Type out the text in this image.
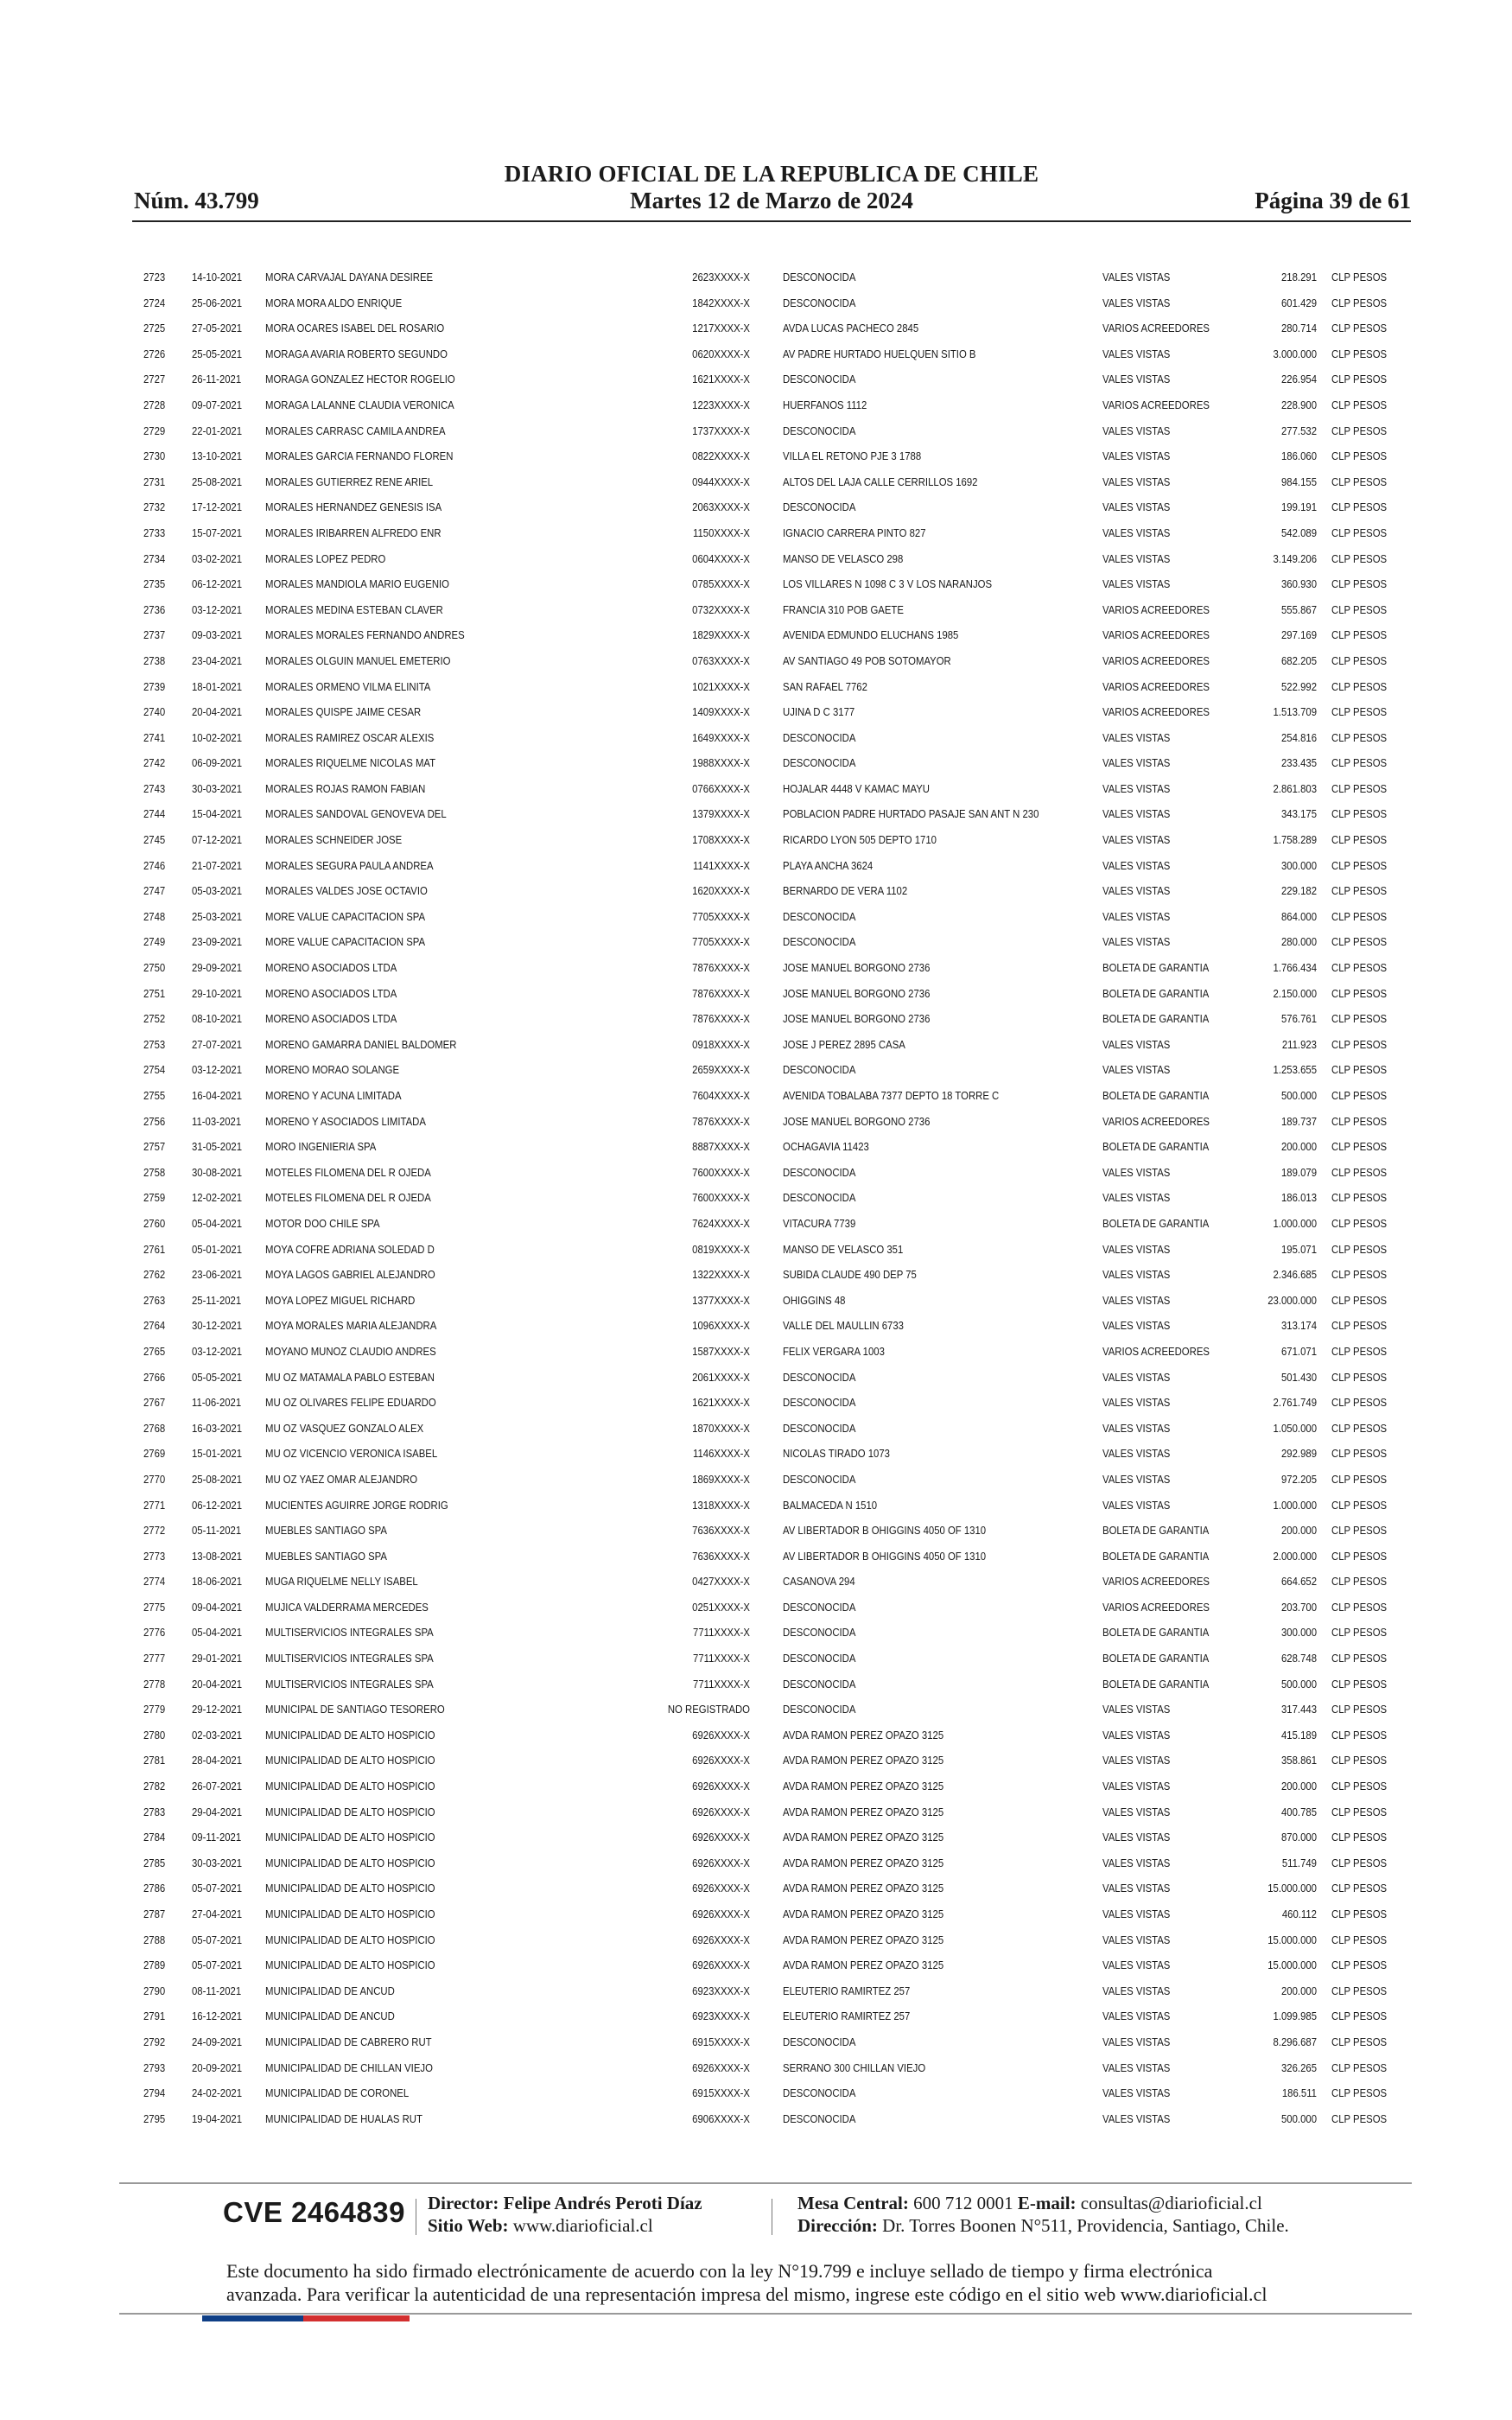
DIARIO OFICIAL DE LA REPUBLICA DE CHILE
Núm. 43.799	Martes 12 de Marzo de 2024	Página 39 de 61
2723 14-10-2021 MORA CARVAJAL DAYANA DESIREE	2623XXXX-X	DESCONOCIDA	VALES VISTAS	218.291 CLP PESOS
2724 25-06-2021 MORA MORA ALDO ENRIQUE	1842XXXX-X	DESCONOCIDA	VALES VISTAS	601.429 CLP PESOS
2725 27-05-2021 MORA OCARES ISABEL DEL ROSARIO	1217XXXX-X	AVDA LUCAS PACHECO 2845	VARIOS ACREEDORES	280.714 CLP PESOS
2726 25-05-2021 MORAGA AVARIA ROBERTO SEGUNDO	0620XXXX-X	AV PADRE HURTADO HUELQUEN SITIO B	VALES VISTAS	3.000.000 CLP PESOS
2727 26-11-2021 MORAGA GONZALEZ HECTOR ROGELIO	1621XXXX-X	DESCONOCIDA	VALES VISTAS	226.954 CLP PESOS
2728 09-07-2021 MORAGA LALANNE CLAUDIA VERONICA	1223XXXX-X	HUERFANOS 1112	VARIOS ACREEDORES	228.900 CLP PESOS
2729 22-01-2021 MORALES CARRASC CAMILA ANDREA	1737XXXX-X	DESCONOCIDA	VALES VISTAS	277.532 CLP PESOS
2730 13-10-2021 MORALES GARCIA FERNANDO FLOREN	0822XXXX-X	VILLA EL RETONO PJE 3 1788	VALES VISTAS	186.060 CLP PESOS
2731 25-08-2021 MORALES GUTIERREZ RENE ARIEL	0944XXXX-X	ALTOS DEL LAJA CALLE CERRILLOS 1692	VALES VISTAS	984.155 CLP PESOS
2732 17-12-2021 MORALES HERNANDEZ GENESIS ISA	2063XXXX-X	DESCONOCIDA	VALES VISTAS	199.191 CLP PESOS
2733 15-07-2021 MORALES IRIBARREN ALFREDO ENR	1150XXXX-X	IGNACIO CARRERA PINTO 827	VALES VISTAS	542.089 CLP PESOS
2734 03-02-2021 MORALES LOPEZ PEDRO	0604XXXX-X	MANSO DE VELASCO 298	VALES VISTAS	3.149.206 CLP PESOS
2735 06-12-2021 MORALES MANDIOLA MARIO EUGENIO	0785XXXX-X	LOS VILLARES N 1098 C 3 V LOS NARANJOS	VALES VISTAS	360.930 CLP PESOS
2736 03-12-2021 MORALES MEDINA ESTEBAN CLAVER	0732XXXX-X	FRANCIA 310 POB GAETE	VARIOS ACREEDORES	555.867 CLP PESOS
2737 09-03-2021 MORALES MORALES FERNANDO ANDRES	1829XXXX-X	AVENIDA EDMUNDO ELUCHANS 1985	VARIOS ACREEDORES	297.169 CLP PESOS
2738 23-04-2021 MORALES OLGUIN MANUEL EMETERIO	0763XXXX-X	AV SANTIAGO 49 POB SOTOMAYOR	VARIOS ACREEDORES	682.205 CLP PESOS
2739 18-01-2021 MORALES ORMENO VILMA ELINITA	1021XXXX-X	SAN RAFAEL 7762	VARIOS ACREEDORES	522.992 CLP PESOS
2740 20-04-2021 MORALES QUISPE JAIME CESAR	1409XXXX-X	UJINA D C 3177	VARIOS ACREEDORES	1.513.709 CLP PESOS
2741 10-02-2021 MORALES RAMIREZ OSCAR ALEXIS	1649XXXX-X	DESCONOCIDA	VALES VISTAS	254.816 CLP PESOS
2742 06-09-2021 MORALES RIQUELME NICOLAS MAT	1988XXXX-X	DESCONOCIDA	VALES VISTAS	233.435 CLP PESOS
2743 30-03-2021 MORALES ROJAS RAMON FABIAN	0766XXXX-X	HOJALAR 4448 V KAMAC MAYU	VALES VISTAS	2.861.803 CLP PESOS
2744 15-04-2021 MORALES SANDOVAL GENOVEVA DEL	1379XXXX-X	POBLACION PADRE HURTADO PASAJE SAN ANT N 230	VALES VISTAS	343.175 CLP PESOS
2745 07-12-2021 MORALES SCHNEIDER JOSE	1708XXXX-X	RICARDO LYON 505 DEPTO 1710	VALES VISTAS	1.758.289 CLP PESOS
2746 21-07-2021 MORALES SEGURA PAULA ANDREA	1141XXXX-X	PLAYA ANCHA 3624	VALES VISTAS	300.000 CLP PESOS
2747 05-03-2021 MORALES VALDES JOSE OCTAVIO	1620XXXX-X	BERNARDO DE VERA 1102	VALES VISTAS	229.182 CLP PESOS
2748 25-03-2021 MORE VALUE CAPACITACION SPA	7705XXXX-X	DESCONOCIDA	VALES VISTAS	864.000 CLP PESOS
2749 23-09-2021 MORE VALUE CAPACITACION SPA	7705XXXX-X	DESCONOCIDA	VALES VISTAS	280.000 CLP PESOS
2750 29-09-2021 MORENO ASOCIADOS LTDA	7876XXXX-X	JOSE MANUEL BORGONO 2736	BOLETA DE GARANTIA	1.766.434 CLP PESOS
2751 29-10-2021 MORENO ASOCIADOS LTDA	7876XXXX-X	JOSE MANUEL BORGONO 2736	BOLETA DE GARANTIA	2.150.000 CLP PESOS
2752 08-10-2021 MORENO ASOCIADOS LTDA	7876XXXX-X	JOSE MANUEL BORGONO 2736	BOLETA DE GARANTIA	576.761 CLP PESOS
2753 27-07-2021 MORENO GAMARRA DANIEL BALDOMER	0918XXXX-X	JOSE J PEREZ 2895 CASA	VALES VISTAS	211.923 CLP PESOS
2754 03-12-2021 MORENO MORAO SOLANGE	2659XXXX-X	DESCONOCIDA	VALES VISTAS	1.253.655 CLP PESOS
2755 16-04-2021 MORENO Y ACUNA LIMITADA	7604XXXX-X	AVENIDA TOBALABA 7377 DEPTO 18 TORRE C	BOLETA DE GARANTIA	500.000 CLP PESOS
2756 11-03-2021 MORENO Y ASOCIADOS LIMITADA	7876XXXX-X	JOSE MANUEL BORGONO 2736	VARIOS ACREEDORES	189.737 CLP PESOS
2757 31-05-2021 MORO INGENIERIA SPA	8887XXXX-X	OCHAGAVIA 11423	BOLETA DE GARANTIA	200.000 CLP PESOS
2758 30-08-2021 MOTELES FILOMENA DEL R OJEDA	7600XXXX-X	DESCONOCIDA	VALES VISTAS	189.079 CLP PESOS
2759 12-02-2021 MOTELES FILOMENA DEL R OJEDA	7600XXXX-X	DESCONOCIDA	VALES VISTAS	186.013 CLP PESOS
2760 05-04-2021 MOTOR DOO CHILE SPA	7624XXXX-X	VITACURA 7739	BOLETA DE GARANTIA	1.000.000 CLP PESOS
2761 05-01-2021 MOYA COFRE ADRIANA SOLEDAD D	0819XXXX-X	MANSO DE VELASCO 351	VALES VISTAS	195.071 CLP PESOS
2762 23-06-2021 MOYA LAGOS GABRIEL ALEJANDRO	1322XXXX-X	SUBIDA CLAUDE 490 DEP 75	VALES VISTAS	2.346.685 CLP PESOS
2763 25-11-2021 MOYA LOPEZ MIGUEL RICHARD	1377XXXX-X	OHIGGINS 48	VALES VISTAS	23.000.000 CLP PESOS
2764 30-12-2021 MOYA MORALES MARIA ALEJANDRA	1096XXXX-X	VALLE DEL MAULLIN 6733	VALES VISTAS	313.174 CLP PESOS
2765 03-12-2021 MOYANO MUNOZ CLAUDIO ANDRES	1587XXXX-X	FELIX VERGARA 1003	VARIOS ACREEDORES	671.071 CLP PESOS
2766 05-05-2021 MU OZ MATAMALA PABLO ESTEBAN	2061XXXX-X	DESCONOCIDA	VALES VISTAS	501.430 CLP PESOS
2767 11-06-2021 MU OZ OLIVARES FELIPE EDUARDO	1621XXXX-X	DESCONOCIDA	VALES VISTAS	2.761.749 CLP PESOS
2768 16-03-2021 MU OZ VASQUEZ GONZALO ALEX	1870XXXX-X	DESCONOCIDA	VALES VISTAS	1.050.000 CLP PESOS
2769 15-01-2021 MU OZ VICENCIO VERONICA ISABEL	1146XXXX-X	NICOLAS TIRADO 1073	VALES VISTAS	292.989 CLP PESOS
2770 25-08-2021 MU OZ YAEZ OMAR ALEJANDRO	1869XXXX-X	DESCONOCIDA	VALES VISTAS	972.205 CLP PESOS
2771 06-12-2021 MUCIENTES AGUIRRE JORGE RODRIG	1318XXXX-X	BALMACEDA N 1510	VALES VISTAS	1.000.000 CLP PESOS
2772 05-11-2021 MUEBLES SANTIAGO SPA	7636XXXX-X	AV LIBERTADOR B OHIGGINS 4050 OF 1310	BOLETA DE GARANTIA	200.000 CLP PESOS
2773 13-08-2021 MUEBLES SANTIAGO SPA	7636XXXX-X	AV LIBERTADOR B OHIGGINS 4050 OF 1310	BOLETA DE GARANTIA	2.000.000 CLP PESOS
2774 18-06-2021 MUGA RIQUELME NELLY ISABEL	0427XXXX-X	CASANOVA 294	VARIOS ACREEDORES	664.652 CLP PESOS
2775 09-04-2021 MUJICA VALDERRAMA MERCEDES	0251XXXX-X	DESCONOCIDA	VARIOS ACREEDORES	203.700 CLP PESOS
2776 05-04-2021 MULTISERVICIOS INTEGRALES SPA	7711XXXX-X	DESCONOCIDA	BOLETA DE GARANTIA	300.000 CLP PESOS
2777 29-01-2021 MULTISERVICIOS INTEGRALES SPA	7711XXXX-X	DESCONOCIDA	BOLETA DE GARANTIA	628.748 CLP PESOS
2778 20-04-2021 MULTISERVICIOS INTEGRALES SPA	7711XXXX-X	DESCONOCIDA	BOLETA DE GARANTIA	500.000 CLP PESOS
2779 29-12-2021 MUNICIPAL DE SANTIAGO TESORERO	NO REGISTRADO	DESCONOCIDA	VALES VISTAS	317.443 CLP PESOS
2780 02-03-2021 MUNICIPALIDAD DE ALTO HOSPICIO	6926XXXX-X	AVDA RAMON PEREZ OPAZO 3125	VALES VISTAS	415.189 CLP PESOS
2781 28-04-2021 MUNICIPALIDAD DE ALTO HOSPICIO	6926XXXX-X	AVDA RAMON PEREZ OPAZO 3125	VALES VISTAS	358.861 CLP PESOS
2782 26-07-2021 MUNICIPALIDAD DE ALTO HOSPICIO	6926XXXX-X	AVDA RAMON PEREZ OPAZO 3125	VALES VISTAS	200.000 CLP PESOS
2783 29-04-2021 MUNICIPALIDAD DE ALTO HOSPICIO	6926XXXX-X	AVDA RAMON PEREZ OPAZO 3125	VALES VISTAS	400.785 CLP PESOS
2784 09-11-2021 MUNICIPALIDAD DE ALTO HOSPICIO	6926XXXX-X	AVDA RAMON PEREZ OPAZO 3125	VALES VISTAS	870.000 CLP PESOS
2785 30-03-2021 MUNICIPALIDAD DE ALTO HOSPICIO	6926XXXX-X	AVDA RAMON PEREZ OPAZO 3125	VALES VISTAS	511.749 CLP PESOS
2786 05-07-2021 MUNICIPALIDAD DE ALTO HOSPICIO	6926XXXX-X	AVDA RAMON PEREZ OPAZO 3125	VALES VISTAS	15.000.000 CLP PESOS
2787 27-04-2021 MUNICIPALIDAD DE ALTO HOSPICIO	6926XXXX-X	AVDA RAMON PEREZ OPAZO 3125	VALES VISTAS	460.112 CLP PESOS
2788 05-07-2021 MUNICIPALIDAD DE ALTO HOSPICIO	6926XXXX-X	AVDA RAMON PEREZ OPAZO 3125	VALES VISTAS	15.000.000 CLP PESOS
2789 05-07-2021 MUNICIPALIDAD DE ALTO HOSPICIO	6926XXXX-X	AVDA RAMON PEREZ OPAZO 3125	VALES VISTAS	15.000.000 CLP PESOS
2790 08-11-2021 MUNICIPALIDAD DE ANCUD	6923XXXX-X	ELEUTERIO RAMIRTEZ 257	VALES VISTAS	200.000 CLP PESOS
2791 16-12-2021 MUNICIPALIDAD DE ANCUD	6923XXXX-X	ELEUTERIO RAMIRTEZ 257	VALES VISTAS	1.099.985 CLP PESOS
2792 24-09-2021 MUNICIPALIDAD DE CABRERO RUT	6915XXXX-X	DESCONOCIDA	VALES VISTAS	8.296.687 CLP PESOS
2793 20-09-2021 MUNICIPALIDAD DE CHILLAN VIEJO	6926XXXX-X	SERRANO 300 CHILLAN VIEJO	VALES VISTAS	326.265 CLP PESOS
2794 24-02-2021 MUNICIPALIDAD DE CORONEL	6915XXXX-X	DESCONOCIDA	VALES VISTAS	186.511 CLP PESOS
2795 19-04-2021 MUNICIPALIDAD DE HUALAS RUT	6906XXXX-X	DESCONOCIDA	VALES VISTAS	500.000 CLP PESOS
CVE 2464839 Director: Felipe Andrés Peroti Díaz
Sitio Web: www.diarioficial.cl
Mesa Central: 600 712 0001 E-mail: consultas@diarioficial.cl
Dirección: Dr. Torres Boonen N°511, Providencia, Santiago, Chile.
Este documento ha sido firmado electrónicamente de acuerdo con la ley N°19.799 e incluye sellado de tiempo y firma electrónica
avanzada. Para verificar la autenticidad de una representación impresa del mismo, ingrese este código en el sitio web www.diarioficial.cl
